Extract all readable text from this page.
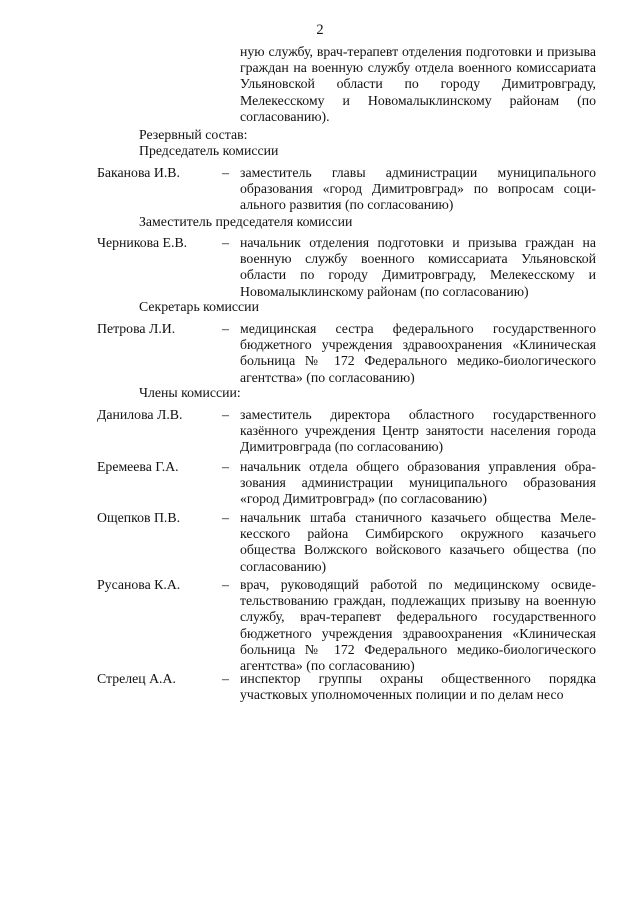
2
ную службу, врач-терапевт отделения подготовки и призыва граждан на военную службу отдела военного комиссариата Ульяновской области по городу Димитровграду, Мелекесскому и Новомалыклинскому районам (по согласованию).
Резервный состав:
Председатель комиссии
Баканова И.В.	– заместитель главы администрации муниципального образования «город Димитровград» по вопросам социального развития (по согласованию)
Заместитель председателя комиссии
Черникова Е.В.	– начальник отделения подготовки и призыва граждан на военную службу военного комиссариата Ульяновской области по городу Димитровграду, Мелекесскому и Новомалыклинскому районам (по согласованию)
Секретарь комиссии
Петрова Л.И.	– медицинская сестра федерального государственного бюджетного учреждения здравоохранения «Клиническая больница № 172 Федерального медико-биологического агентства» (по согласованию)
Члены комиссии:
Данилова Л.В.	– заместитель директора областного государственного казённого учреждения Центр занятости населения города Димитровграда (по согласованию)
Еремеева Г.А.	– начальник отдела общего образования управления образования администрации муниципального образования «город Димитровград» (по согласованию)
Ощепков П.В.	– начальник штаба станичного казачьего общества Мелекесского района Симбирского окружного казачьего общества Волжского войскового казачьего общества (по согласованию)
Русанова К.А.	– врач, руководящий работой по медицинскому освидетельствованию граждан, подлежащих призыву на военную службу, врач-терапевт федерального государственного бюджетного учреждения здравоохранения «Клиническая больница № 172 Федерального медико-биологического агентства» (по согласованию)
Стрелец А.А.	– инспектор группы охраны общественного порядка участковых уполномоченных полиции и по делам несо
